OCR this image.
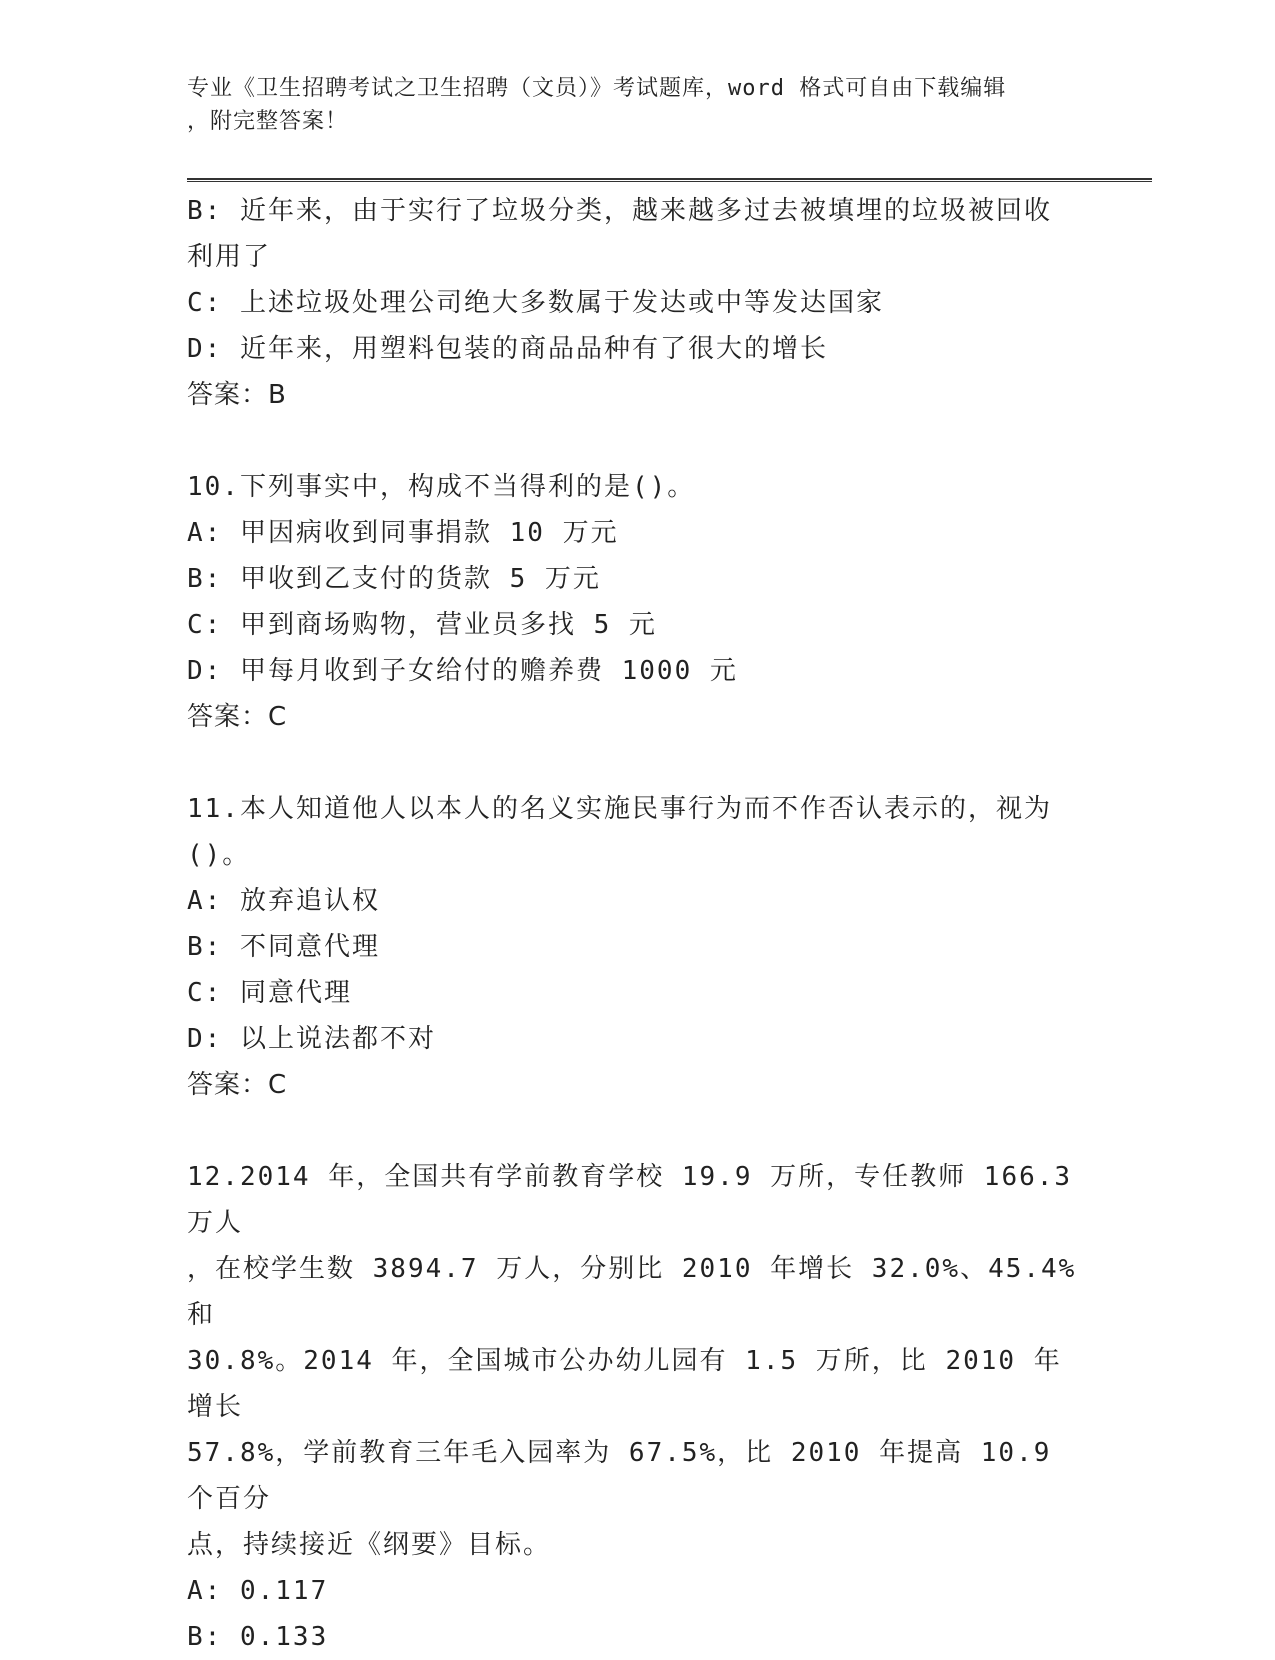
专业《卫生招聘考试之卫生招聘（文员）》考试题库，word 格式可自由下载编辑

，附完整答案！

B: 近年来，由于实行了垃圾分类，越来越多过去被填埋的垃圾被回收

利用了

C: 上述垃圾处理公司绝大多数属于发达或中等发达国家

D: 近年来，用塑料包装的商品品种有了很大的增长

答案：B

10.下列事实中，构成不当得利的是()。

A: 甲因病收到同事捐款 10 万元

B: 甲收到乙支付的货款 5 万元

C: 甲到商场购物，营业员多找 5 元

D: 甲每月收到子女给付的赡养费 1000 元

答案：C

11.本人知道他人以本人的名义实施民事行为而不作否认表示的，视为

()。

A: 放弃追认权

B: 不同意代理

C: 同意代理

D: 以上说法都不对

答案：C

12.2014 年，全国共有学前教育学校 19.9 万所，专任教师 166.3 万人

，在校学生数 3894.7 万人，分别比 2010 年增长 32.0%、45.4%和

30.8%。2014 年，全国城市公办幼儿园有 1.5 万所，比 2010 年增长

57.8%，学前教育三年毛入园率为 67.5%，比 2010 年提高 10.9 个百分

点，持续接近《纲要》目标。

A: 0.117

B: 0.133
